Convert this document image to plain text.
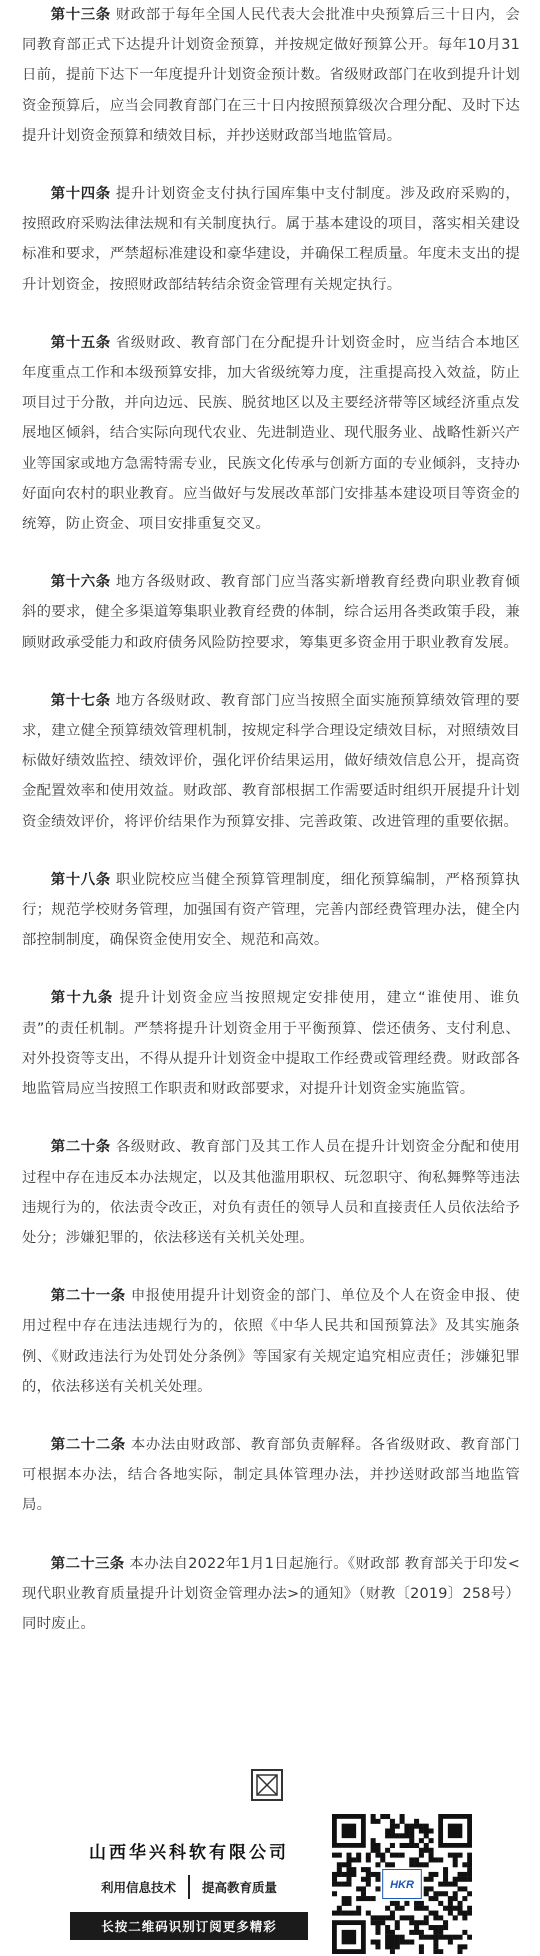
第十三条 财政部于每年全国人民代表大会批准中央预算后三十日内，会同教育部正式下达提升计划资金预算，并按规定做好预算公开。每年10月31日前，提前下达下一年度提升计划资金预计数。省级财政部门在收到提升计划资金预算后，应当会同教育部门在三十日内按照预算级次合理分配、及时下达提升计划资金预算和绩效目标，并抄送财政部当地监管局。

第十四条 提升计划资金支付执行国库集中支付制度。涉及政府采购的，按照政府采购法律法规和有关制度执行。属于基本建设的项目，落实相关建设标准和要求，严禁超标准建设和豪华建设，并确保工程质量。年度未支出的提升计划资金，按照财政部结转结余资金管理有关规定执行。

第十五条 省级财政、教育部门在分配提升计划资金时，应当结合本地区年度重点工作和本级预算安排，加大省级统筹力度，注重提高投入效益，防止项目过于分散，并向边远、民族、脱贫地区以及主要经济带等区域经济重点发展地区倾斜，结合实际向现代农业、先进制造业、现代服务业、战略性新兴产业等国家或地方急需特需专业，民族文化传承与创新方面的专业倾斜，支持办好面向农村的职业教育。应当做好与发展改革部门安排基本建设项目等资金的统筹，防止资金、项目安排重复交叉。

第十六条 地方各级财政、教育部门应当落实新增教育经费向职业教育倾斜的要求，健全多渠道筹集职业教育经费的体制，综合运用各类政策手段，兼顾财政承受能力和政府债务风险防控要求，筹集更多资金用于职业教育发展。

第十七条 地方各级财政、教育部门应当按照全面实施预算绩效管理的要求，建立健全预算绩效管理机制，按规定科学合理设定绩效目标，对照绩效目标做好绩效监控、绩效评价，强化评价结果运用，做好绩效信息公开，提高资金配置效率和使用效益。财政部、教育部根据工作需要适时组织开展提升计划资金绩效评价，将评价结果作为预算安排、完善政策、改进管理的重要依据。

第十八条 职业院校应当健全预算管理制度，细化预算编制，严格预算执行；规范学校财务管理，加强国有资产管理，完善内部经费管理办法，健全内部控制制度，确保资金使用安全、规范和高效。

第十九条 提升计划资金应当按照规定安排使用，建立“谁使用、谁负责”的责任机制。严禁将提升计划资金用于平衡预算、偿还债务、支付利息、对外投资等支出，不得从提升计划资金中提取工作经费或管理经费。财政部各地监管局应当按照工作职责和财政部要求，对提升计划资金实施监管。

第二十条 各级财政、教育部门及其工作人员在提升计划资金分配和使用过程中存在违反本办法规定，以及其他滥用职权、玩忽职守、徇私舞弊等违法违规行为的，依法责令改正，对负有责任的领导人员和直接责任人员依法给予处分；涉嫌犯罪的，依法移送有关机关处理。

第二十一条 申报使用提升计划资金的部门、单位及个人在资金申报、使用过程中存在违法违规行为的，依照《中华人民共和国预算法》及其实施条例、《财政违法行为处罚处分条例》等国家有关规定追究相应责任；涉嫌犯罪的，依法移送有关机关处理。

第二十二条 本办法由财政部、教育部负责解释。各省级财政、教育部门可根据本办法，结合各地实际，制定具体管理办法，并抄送财政部当地监管局。

第二十三条 本办法自2022年1月1日起施行。《财政部 教育部关于印发<现代职业教育质量提升计划资金管理办法>的通知》（财教〔2019〕258号）同时废止。

山西华兴科软有限公司
利用信息技术 提高教育质量
长按二维码识别订阅更多精彩
HKR
